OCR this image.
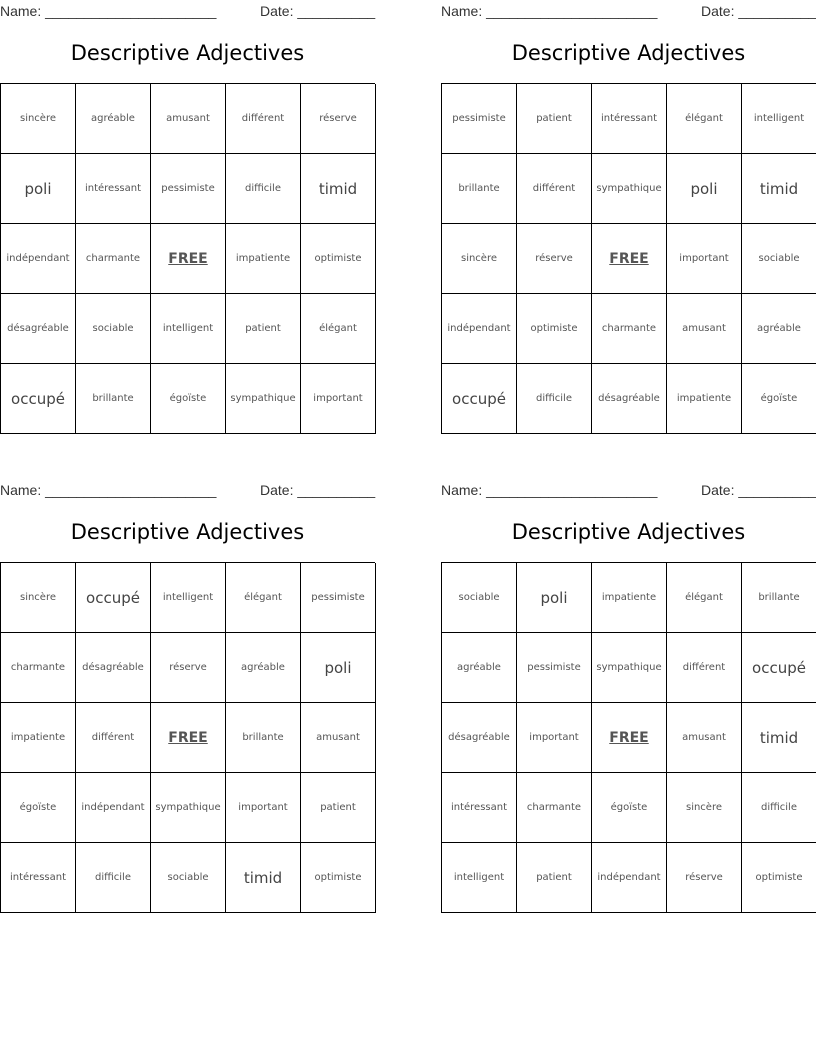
Name: ______________________	Date: __________
Descriptive Adjectives
sincère	agréable	amusant	différent	réserve
poli	intéressant	pessimiste	difficile	timid
indépendant	charmante	FREE	impatiente	optimiste
désagréable	sociable	intelligent	patient	élégant
occupé	brillante	égoïste	sympathique	important
Name: ______________________	Date: __________
Descriptive Adjectives
pessimiste	patient	intéressant	élégant	intelligent
brillante	différent	sympathique	poli	timid
sincère	réserve	FREE	important	sociable
indépendant	optimiste	charmante	amusant	agréable
occupé	difficile	désagréable	impatiente	égoïste
Name: ______________________	Date: __________
Descriptive Adjectives
sincère	occupé	intelligent	élégant	pessimiste
charmante	désagréable	réserve	agréable	poli
impatiente	différent	FREE	brillante	amusant
égoïste	indépendant	sympathique	important	patient
intéressant	difficile	sociable	timid	optimiste
Name: ______________________	Date: __________
Descriptive Adjectives
sociable	poli	impatiente	élégant	brillante
agréable	pessimiste	sympathique	différent	occupé
désagréable	important	FREE	amusant	timid
intéressant	charmante	égoïste	sincère	difficile
intelligent	patient	indépendant	réserve	optimiste
